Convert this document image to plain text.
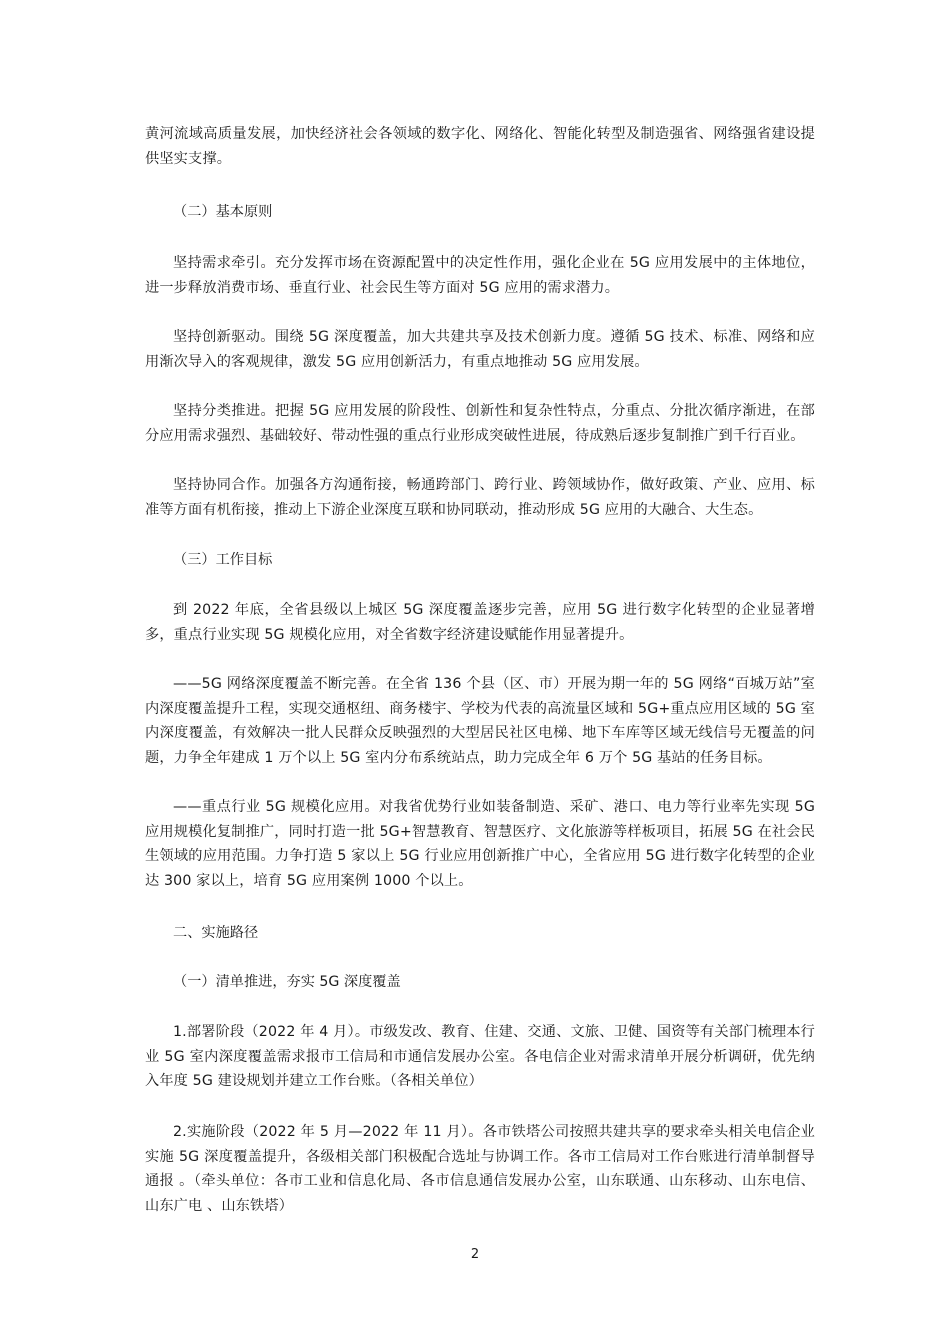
黄河流域高质量发展，加快经济社会各领域的数字化、网络化、智能化转型及制造强省、网络强省建设提供坚实支撑。

（二）基本原则

坚持需求牵引。充分发挥市场在资源配置中的决定性作用，强化企业在 5G 应用发展中的主体地位，进一步释放消费市场、垂直行业、社会民生等方面对 5G 应用的需求潜力。

坚持创新驱动。围绕 5G 深度覆盖，加大共建共享及技术创新力度。遵循 5G 技术、标准、网络和应用渐次导入的客观规律，激发 5G 应用创新活力，有重点地推动 5G 应用发展。

坚持分类推进。把握 5G 应用发展的阶段性、创新性和复杂性特点，分重点、分批次循序渐进，在部分应用需求强烈、基础较好、带动性强的重点行业形成突破性进展，待成熟后逐步复制推广到千行百业。

坚持协同合作。加强各方沟通衔接，畅通跨部门、跨行业、跨领域协作，做好政策、产业、应用、标准等方面有机衔接，推动上下游企业深度互联和协同联动，推动形成 5G 应用的大融合、大生态。

（三）工作目标

到 2022 年底，全省县级以上城区 5G 深度覆盖逐步完善，应用 5G 进行数字化转型的企业显著增多，重点行业实现 5G 规模化应用，对全省数字经济建设赋能作用显著提升。

——5G 网络深度覆盖不断完善。在全省 136 个县（区、市）开展为期一年的 5G 网络“百城万站”室内深度覆盖提升工程，实现交通枢纽、商务楼宇、学校为代表的高流量区域和 5G+重点应用区域的 5G 室内深度覆盖，有效解决一批人民群众反映强烈的大型居民社区电梯、地下车库等区域无线信号无覆盖的问题，力争全年建成 1 万个以上 5G 室内分布系统站点，助力完成全年 6 万个 5G 基站的任务目标。

——重点行业 5G 规模化应用。对我省优势行业如装备制造、采矿、港口、电力等行业率先实现 5G 应用规模化复制推广，同时打造一批 5G+智慧教育、智慧医疗、文化旅游等样板项目，拓展 5G 在社会民生领域的应用范围。力争打造 5 家以上 5G 行业应用创新推广中心，全省应用 5G 进行数字化转型的企业达 300 家以上，培育 5G 应用案例 1000 个以上。

二、实施路径

（一）清单推进，夯实 5G 深度覆盖

1.部署阶段（2022 年 4 月）。市级发改、教育、住建、交通、文旅、卫健、国资等有关部门梳理本行业 5G 室内深度覆盖需求报市工信局和市通信发展办公室。各电信企业对需求清单开展分析调研，优先纳入年度 5G 建设规划并建立工作台账。（各相关单位）

2.实施阶段（2022 年 5 月—2022 年 11 月）。各市铁塔公司按照共建共享的要求牵头相关电信企业实施 5G 深度覆盖提升，各级相关部门积极配合选址与协调工作。各市工信局对工作台账进行清单制督导通报 。（牵头单位：各市工业和信息化局、各市信息通信发展办公室，山东联通、山东移动、山东电信、山东广电 、山东铁塔）

2
